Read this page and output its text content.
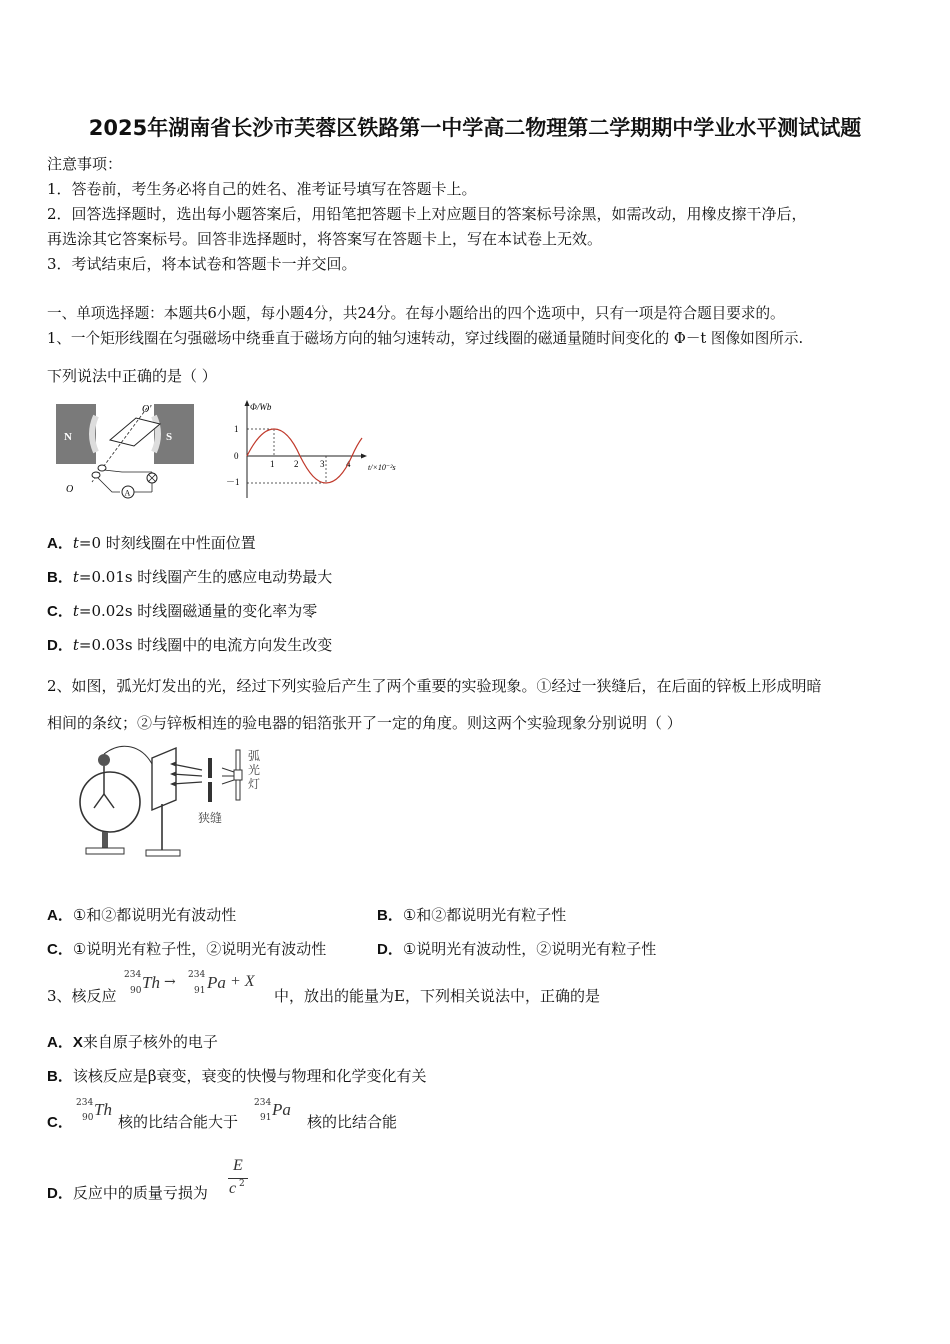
2025年湖南省长沙市芙蓉区铁路第一中学高二物理第二学期期中学业水平测试试题
注意事项：
1．答卷前，考生务必将自己的姓名、准考证号填写在答题卡上。
2．回答选择题时，选出每小题答案后，用铅笔把答题卡上对应题目的答案标号涂黑，如需改动，用橡皮擦干净后，
再选涂其它答案标号。回答非选择题时，将答案写在答题卡上，写在本试卷上无效。
3．考试结束后，将本试卷和答题卡一并交回。
一、单项选择题：本题共6小题，每小题4分，共24分。在每小题给出的四个选项中，只有一项是符合题目要求的。
1、一个矩形线圈在匀强磁场中绕垂直于磁场方向的轴匀速转动，穿过线圈的磁通量随时间变化的 Φ－t 图像如图所示.
下列说法中正确的是（ ）
N	S
O'
O	A
Φ/Wb
t/×10⁻²s
1
0
－1
1 2 3 4
A．t=0 时刻线圈在中性面位置
B．t=0.01s 时线圈产生的感应电动势最大
C．t=0.02s 时线圈磁通量的变化率为零
D．t=0.03s 时线圈中的电流方向发生改变
2、如图，弧光灯发出的光，经过下列实验后产生了两个重要的实验现象。①经过一狭缝后，在后面的锌板上形成明暗
相间的条纹；②与锌板相连的验电器的铝箔张开了一定的角度。则这两个实验现象分别说明（ ）
狭缝
弧
光
灯
A．①和②都说明光有波动性	B．①和②都说明光有粒子性
C．①说明光有粒子性，②说明光有波动性	D．①说明光有波动性，②说明光有粒子性
3、核反应
234
90 Th → 234
91 Pa + X
中，放出的能量为E，下列相关说法中，正确的是
A．X来自原子核外的电子
B．该核反应是β衰变，衰变的快慢与物理和化学变化有关
C．
234
90 Th
核的比结合能大于
234
91 Pa
核的比结合能
D．反应中的质量亏损为
E
c 2
